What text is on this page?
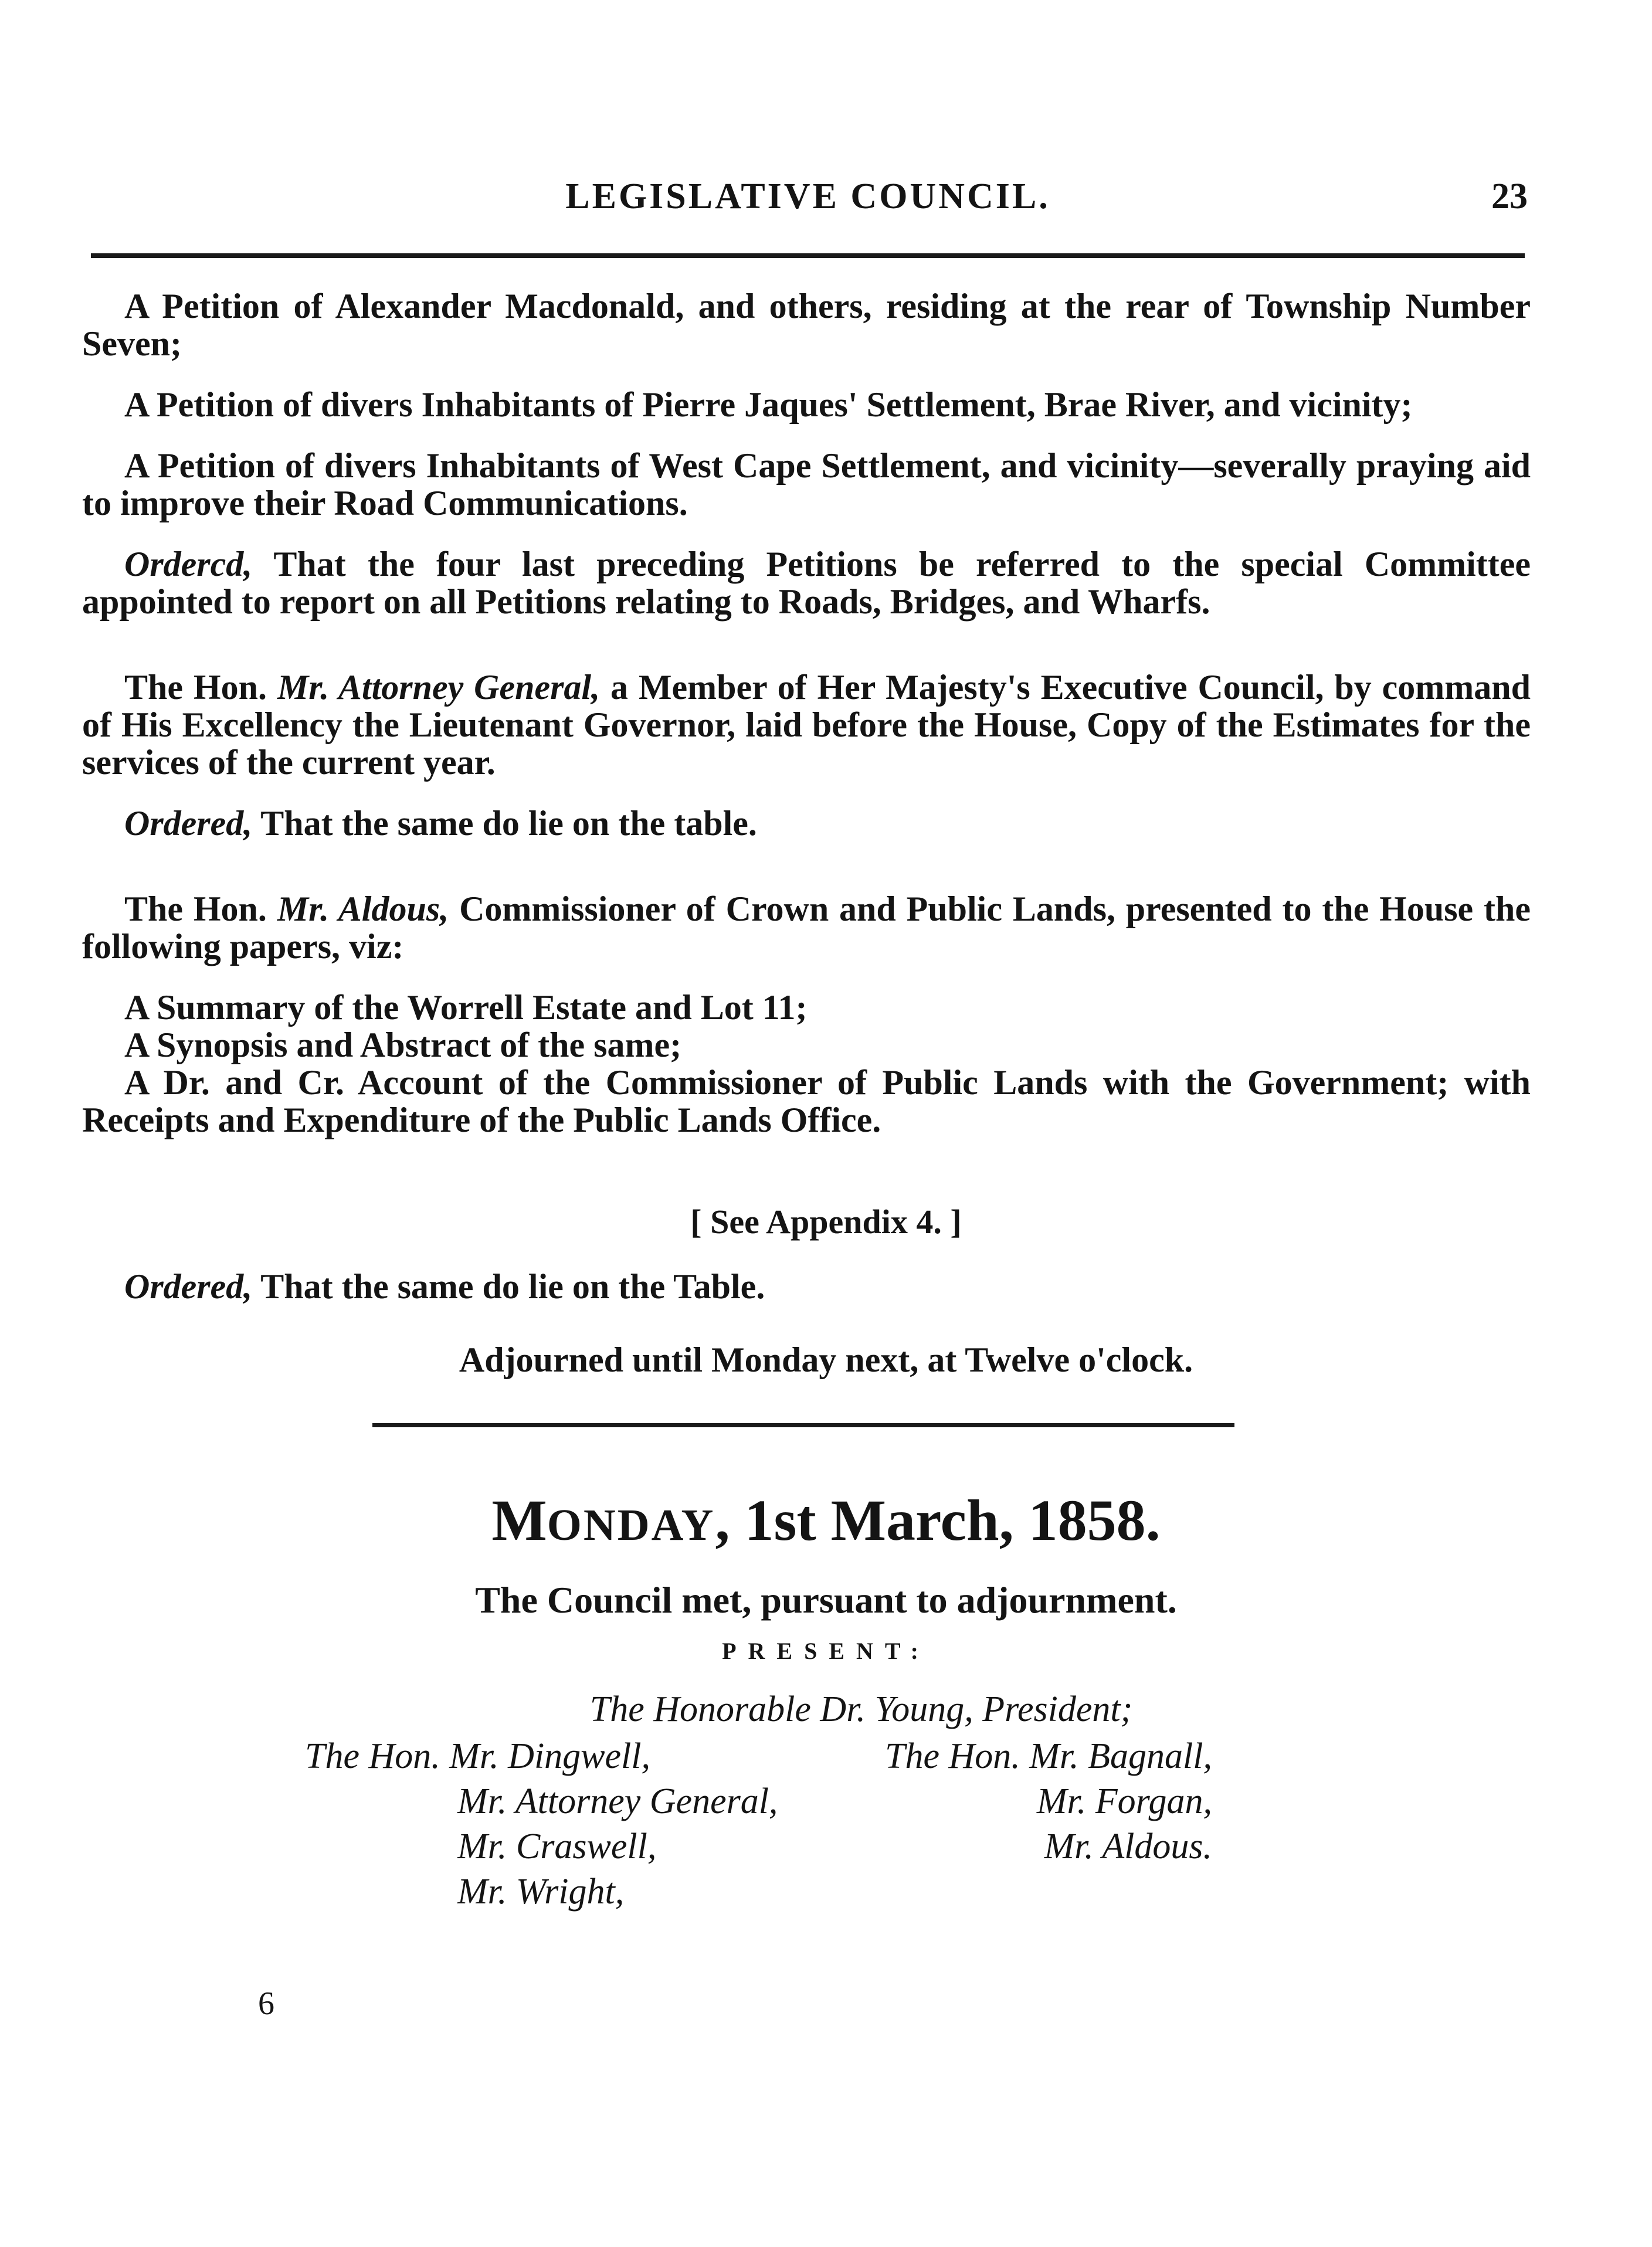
LEGISLATIVE COUNCIL.	23

A Petition of Alexander Macdonald, and others, residing at the rear of Township Number Seven;

A Petition of divers Inhabitants of Pierre Jaques' Settlement, Brae River, and vicinity;

A Petition of divers Inhabitants of West Cape Settlement, and vicinity—severally praying aid to improve their Road Communications.

Ordercd, That the four last preceding Petitions be referred to the special Committee appointed to report on all Petitions relating to Roads, Bridges, and Wharfs.

The Hon. Mr. Attorney General, a Member of Her Majesty's Executive Council, by command of His Excellency the Lieutenant Governor, laid before the House, Copy of the Estimates for the services of the current year.

Ordered, That the same do lie on the table.

The Hon. Mr. Aldous, Commissioner of Crown and Public Lands, presented to the House the following papers, viz:

A Summary of the Worrell Estate and Lot 11;

A Synopsis and Abstract of the same;

A Dr. and Cr. Account of the Commissioner of Public Lands with the Government; with Receipts and Expenditure of the Public Lands Office.

[ See Appendix 4. ]
Ordered, That the same do lie on the Table.
Adjourned until Monday next, at Twelve o'clock.
MONDAY, 1st March, 1858.
The Council met, pursuant to adjournment.
PRESENT:
The Honorable Dr. Young, President;
The Hon. Mr. Dingwell,
Mr. Attorney General,
Mr. Craswell,
Mr. Wright,
The Hon. Mr. Bagnall,
Mr. Forgan,
Mr. Aldous.
6
